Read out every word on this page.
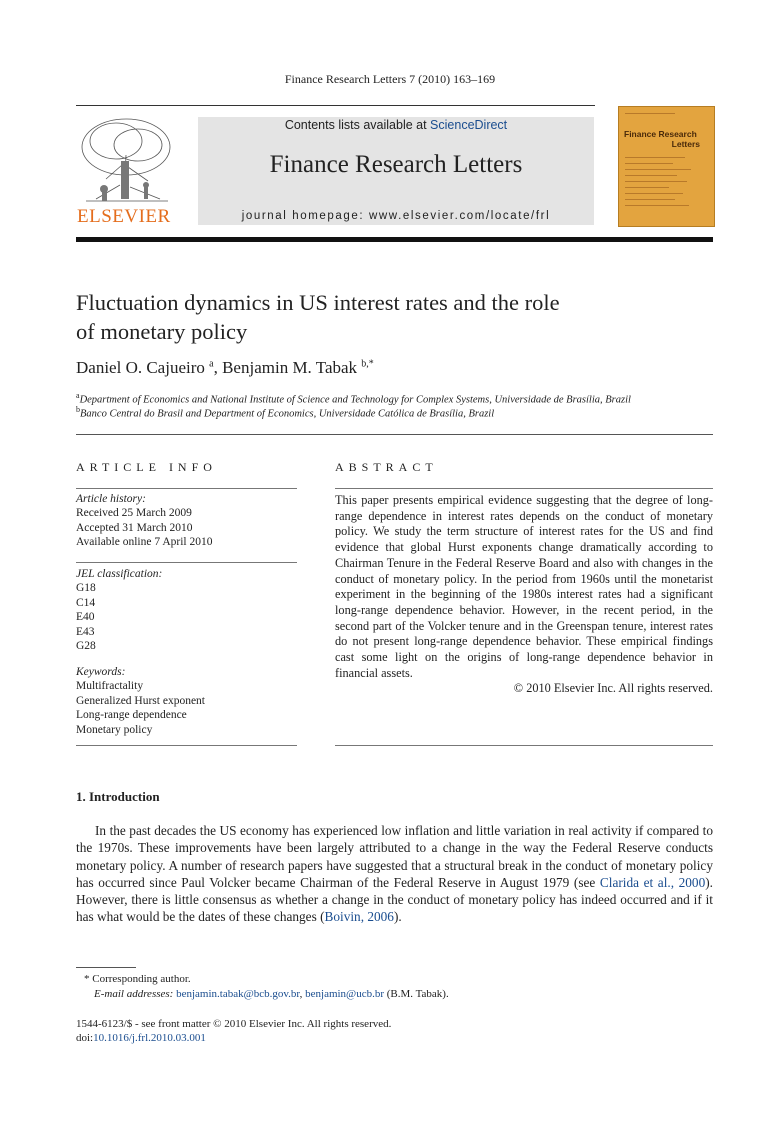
Finance Research Letters 7 (2010) 163–169
ELSEVIER
Contents lists available at ScienceDirect
Finance Research Letters
journal homepage: www.elsevier.com/locate/frl
Finance Research
Letters
Fluctuation dynamics in US interest rates and the role
of monetary policy
Daniel O. Cajueiro $^a$, Benjamin M. Tabak $^{b,*}$
$^a$Department of Economics and National Institute of Science and Technology for Complex Systems, Universidade de Brasília, Brazil
$^b$Banco Central do Brasil and Department of Economics, Universidade Católica de Brasília, Brazil
ARTICLE INFO
Article history:
Received 25 March 2009
Accepted 31 March 2010
Available online 7 April 2010
JEL classification:
G18
C14
E40
E43
G28
Keywords:
Multifractality
Generalized Hurst exponent
Long-range dependence
Monetary policy
ABSTRACT
This paper presents empirical evidence suggesting that the degree of long-range dependence in interest rates depends on the conduct of monetary policy. We study the term structure of interest rates for the US and find evidence that global Hurst exponents change dramatically according to Chairman Tenure in the Federal Reserve Board and also with changes in the conduct of monetary policy. In the period from 1960s until the monetarist experiment in the beginning of the 1980s interest rates had a significant long-range dependence behavior. However, in the recent period, in the second part of the Volcker tenure and in the Greenspan tenure, interest rates do not present long-range dependence behavior. These empirical findings cast some light on the origins of long-range dependence behavior in financial assets.
© 2010 Elsevier Inc. All rights reserved.
1. Introduction
In the past decades the US economy has experienced low inflation and little variation in real activity if compared to the 1970s. These improvements have been largely attributed to a change in the way the Federal Reserve conducts monetary policy. A number of research papers have suggested that a structural break in the conduct of monetary policy has occurred since Paul Volcker became Chairman of the Federal Reserve in August 1979 (see Clarida et al., 2000). However, there is little consensus as whether a change in the conduct of monetary policy has indeed occurred and if it has what would be the dates of these changes (Boivin, 2006).
* Corresponding author.
E-mail addresses: benjamin.tabak@bcb.gov.br, benjamin@ucb.br (B.M. Tabak).
1544-6123/$ - see front matter © 2010 Elsevier Inc. All rights reserved.
doi:10.1016/j.frl.2010.03.001
